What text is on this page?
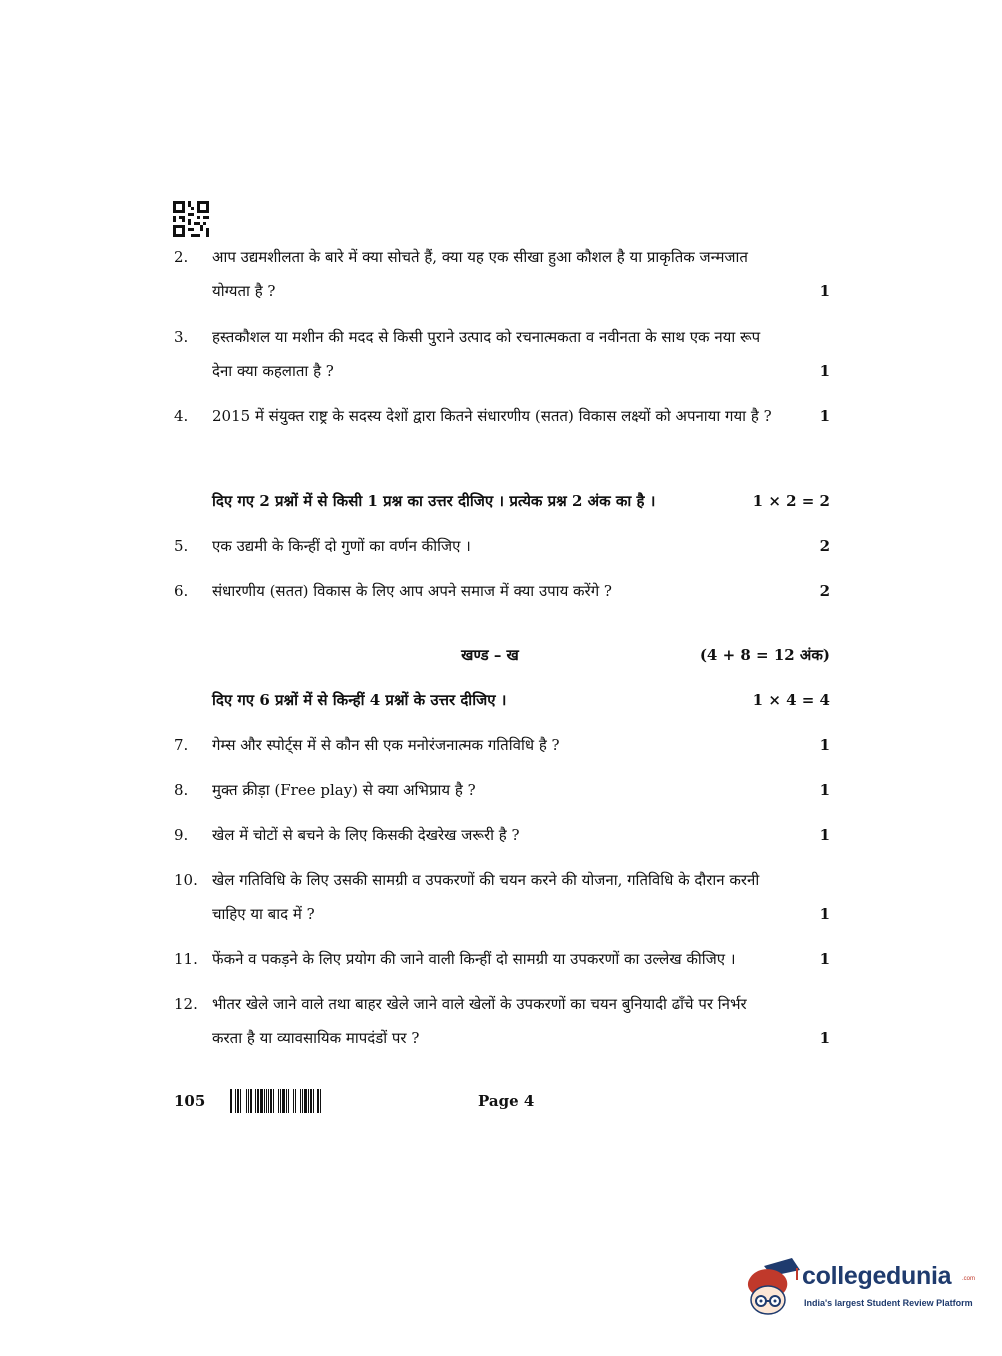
2.	आप उद्यमशीलता के बारे में क्या सोचते हैं, क्या यह एक सीखा हुआ कौशल है या प्राकृतिक जन्मजात
योग्यता है ?	1
3.	हस्तकौशल या मशीन की मदद से किसी पुराने उत्पाद को रचनात्मकता व नवीनता के साथ एक नया रूप
देना क्या कहलाता है ?	1
4.	2015 में संयुक्त राष्ट्र के सदस्य देशों द्वारा कितने संधारणीय (सतत) विकास लक्ष्यों को अपनाया गया है ?	1
दिए गए 2 प्रश्नों में से किसी 1 प्रश्न का उत्तर दीजिए । प्रत्येक प्रश्न 2 अंक का है ।	1 × 2 = 2
5.	एक उद्यमी के किन्हीं दो गुणों का वर्णन कीजिए ।	2
6.	संधारणीय (सतत) विकास के लिए आप अपने समाज में क्या उपाय करेंगे ?	2
खण्ड – ख	(4 + 8 = 12 अंक)
दिए गए 6 प्रश्नों में से किन्हीं 4 प्रश्नों के उत्तर दीजिए ।	1 × 4 = 4
7.	गेम्स और स्पोर्ट्स में से कौन सी एक मनोरंजनात्मक गतिविधि है ?	1
8.	मुक्त क्रीड़ा (Free play) से क्या अभिप्राय है ?	1
9.	खेल में चोटों से बचने के लिए किसकी देखरेख जरूरी है ?	1
10. खेल गतिविधि के लिए उसकी सामग्री व उपकरणों की चयन करने की योजना, गतिविधि के दौरान करनी
चाहिए या बाद में ?	1
11. फेंकने व पकड़ने के लिए प्रयोग की जाने वाली किन्हीं दो सामग्री या उपकरणों का उल्लेख कीजिए ।	1
12. भीतर खेले जाने वाले तथा बाहर खेले जाने वाले खेलों के उपकरणों का चयन बुनियादी ढाँचे पर निर्भर
करता है या व्यावसायिक मापदंडों पर ?	1
105	Page 4
collegedunia .com
India's largest Student Review Platform
